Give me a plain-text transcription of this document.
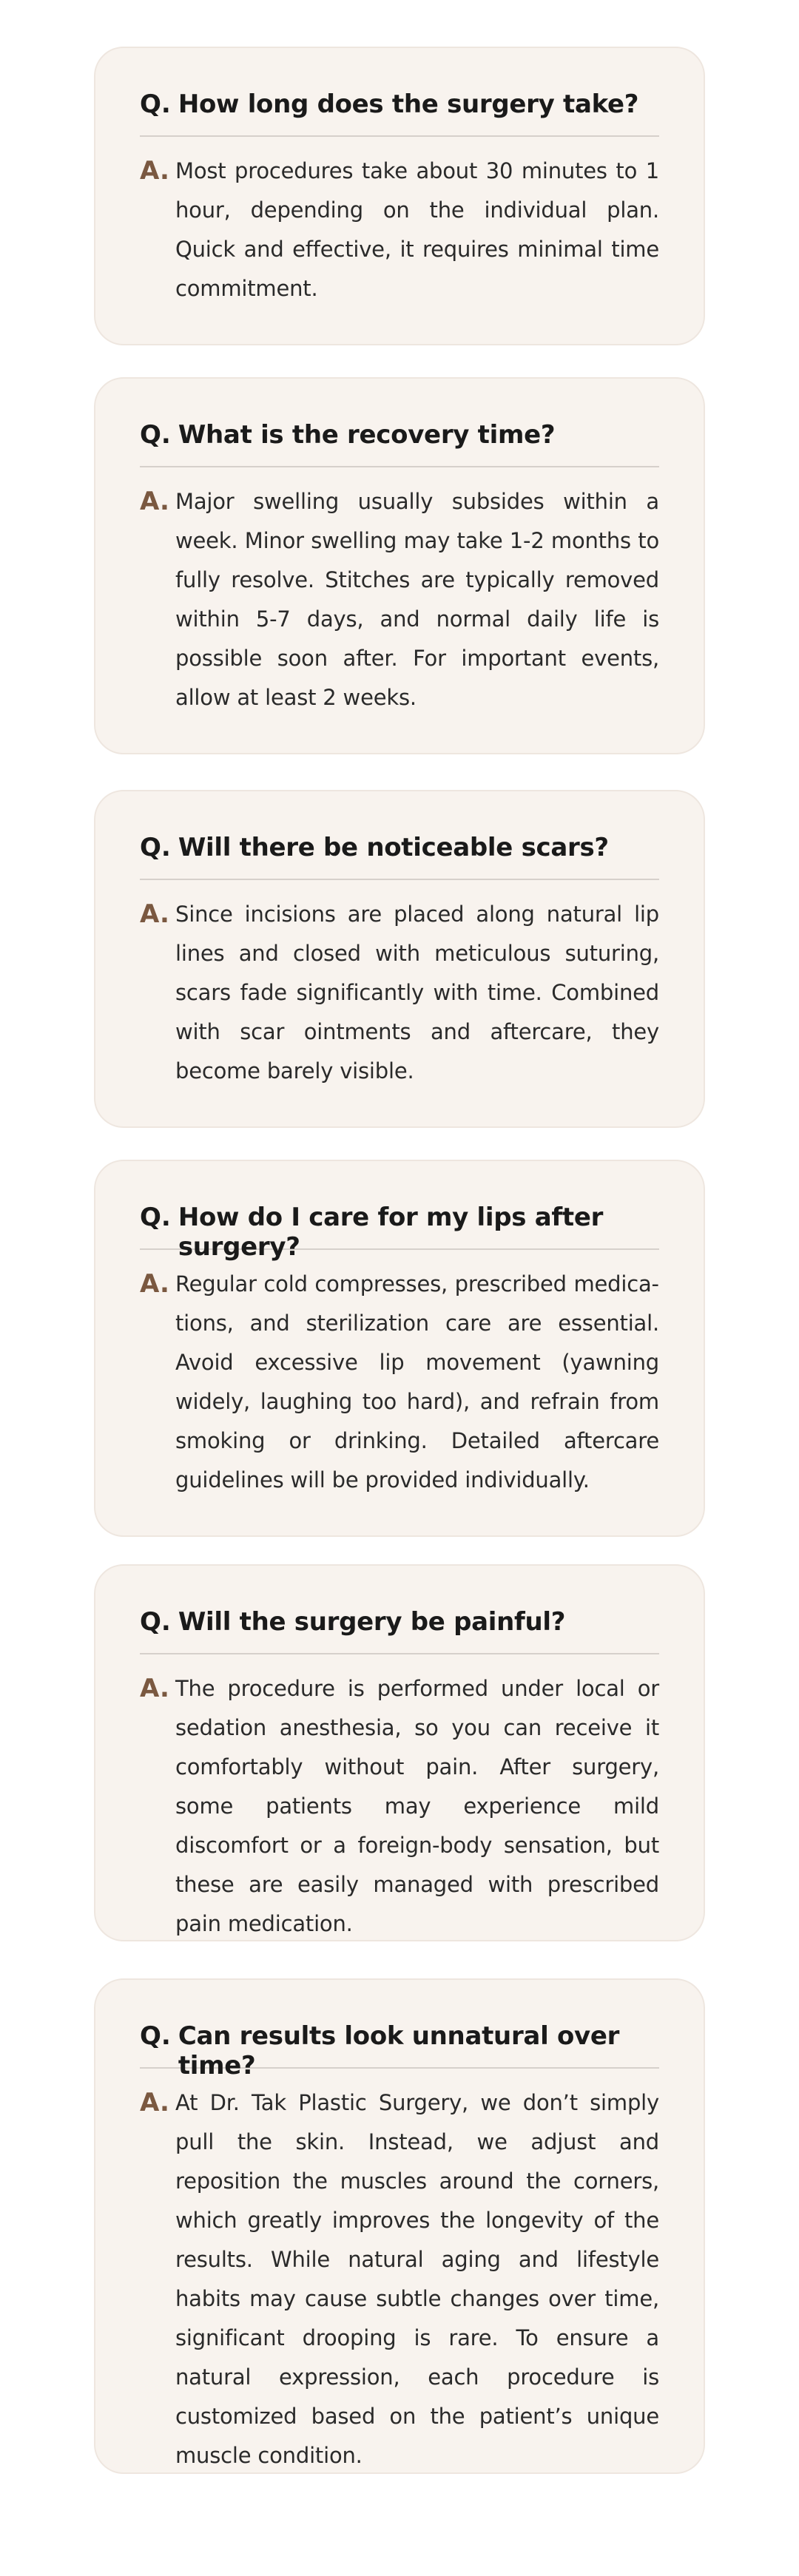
Q. How long does the surgery take?
A. Most procedures take about 30 minutes to 1 hour, depending on the individual plan. Quick and effective, it requires minimal time commitment.
Q. What is the recovery time?
A. Major swelling usually subsides within a week. Minor swelling may take 1-2 months to fully resolve. Stitches are typically removed within 5-7 days, and normal daily life is possible soon after. For important events, allow at least 2 weeks.
Q. Will there be noticeable scars?
A. Since incisions are placed along natural lip lines and closed with meticulous suturing, scars fade significantly with time. Combined with scar ointments and aftercare, they become barely visible.
Q. How do I care for my lips after surgery?
A. Regular cold compresses, prescribed medications, and sterilization care are essential. Avoid excessive lip movement (yawning widely, laughing too hard), and refrain from smoking or drinking. Detailed aftercare guidelines will be provided individually.
Q. Will the surgery be painful?
A. The procedure is performed under local or sedation anesthesia, so you can receive it comfortably without pain. After surgery, some patients may experience mild discomfort or a foreign-body sensation, but these are easily managed with prescribed pain medication.
Q. Can results look unnatural over time?
A. At Dr. Tak Plastic Surgery, we don’t simply pull the skin. Instead, we adjust and reposition the muscles around the corners, which greatly improves the longevity of the results. While natural aging and lifestyle habits may cause subtle changes over time, significant drooping is rare. To ensure a natural expression, each procedure is customized based on the patient’s unique muscle condition.
